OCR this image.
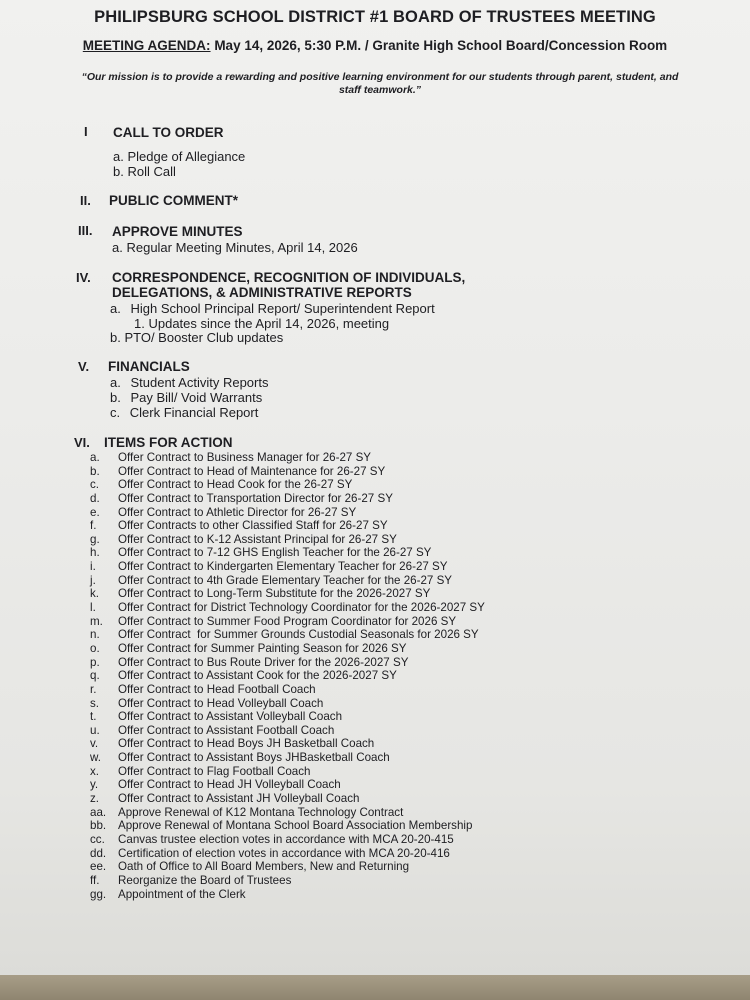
PHILIPSBURG SCHOOL DISTRICT #1 BOARD OF TRUSTEES MEETING
MEETING AGENDA: May 14, 2026, 5:30 P.M. / Granite High School Board/Concession Room
“Our mission is to provide a rewarding and positive learning environment for our students through parent, student, and
staff teamwork.”
I CALL TO ORDER
a. Pledge of Allegiance
b. Roll Call
II. PUBLIC COMMENT*
III. APPROVE MINUTES
a. Regular Meeting Minutes, April 14, 2026
IV. CORRESPONDENCE, RECOGNITION OF INDIVIDUALS,
DELEGATIONS, & ADMINISTRATIVE REPORTS
a. High School Principal Report/ Superintendent Report
1. Updates since the April 14, 2026, meeting
b. PTO/ Booster Club updates
V. FINANCIALS
a. Student Activity Reports
b. Pay Bill/ Void Warrants
c. Clerk Financial Report
VI. ITEMS FOR ACTION
a.	Offer Contract to Business Manager for 26-27 SY
b.	Offer Contract to Head of Maintenance for 26-27 SY
c.	Offer Contract to Head Cook for the 26-27 SY
d.	Offer Contract to Transportation Director for 26-27 SY
e.	Offer Contract to Athletic Director for 26-27 SY
f.	Offer Contracts to other Classified Staff for 26-27 SY
g.	Offer Contract to K-12 Assistant Principal for 26-27 SY
h.	Offer Contract to 7-12 GHS English Teacher for the 26-27 SY
i.	Offer Contract to Kindergarten Elementary Teacher for 26-27 SY
j.	Offer Contract to 4th Grade Elementary Teacher for the 26-27 SY
k.	Offer Contract to Long-Term Substitute for the 2026-2027 SY
l.	Offer Contract for District Technology Coordinator for the 2026-2027 SY
m.	Offer Contract to Summer Food Program Coordinator for 2026 SY
n.	Offer Contract  for Summer Grounds Custodial Seasonals for 2026 SY
o.	Offer Contract for Summer Painting Season for 2026 SY
p.	Offer Contract to Bus Route Driver for the 2026-2027 SY
q.	Offer Contract to Assistant Cook for the 2026-2027 SY
r.	Offer Contract to Head Football Coach
s.	Offer Contract to Head Volleyball Coach
t.	Offer Contract to Assistant Volleyball Coach
u.	Offer Contract to Assistant Football Coach
v.	Offer Contract to Head Boys JH Basketball Coach
w.	Offer Contract to Assistant Boys JHBasketball Coach
x.	Offer Contract to Flag Football Coach
y.	Offer Contract to Head JH Volleyball Coach
z.	Offer Contract to Assistant JH Volleyball Coach
aa.	Approve Renewal of K12 Montana Technology Contract
bb.	Approve Renewal of Montana School Board Association Membership
cc.	Canvas trustee election votes in accordance with MCA 20-20-415
dd.	Certification of election votes in accordance with MCA 20-20-416
ee.	Oath of Office to All Board Members, New and Returning
ff.	Reorganize the Board of Trustees
gg.	Appointment of the Clerk
